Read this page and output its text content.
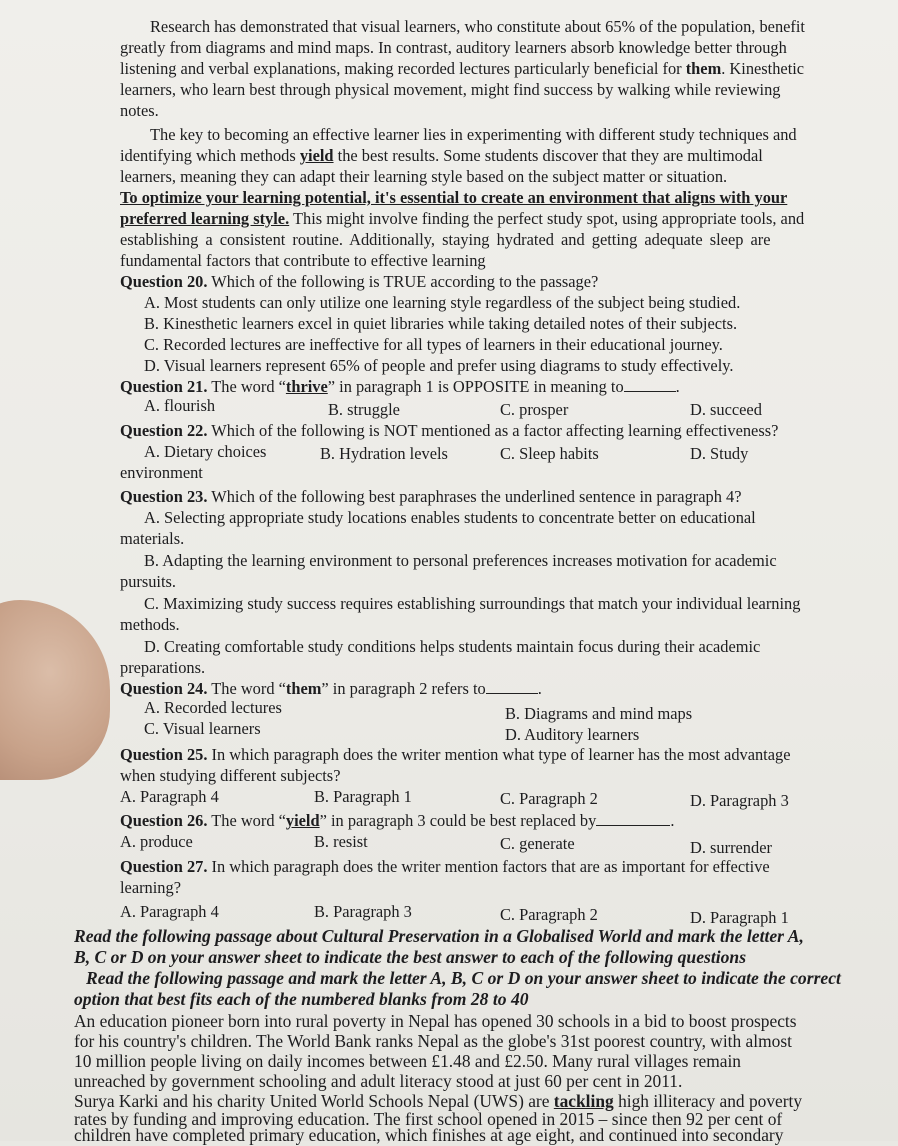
Research has demonstrated that visual learners, who constitute about 65% of the population, benefit
greatly from diagrams and mind maps. In contrast, auditory learners absorb knowledge better through
listening and verbal explanations, making recorded lectures particularly beneficial for them. Kinesthetic
learners, who learn best through physical movement, might find success by walking while reviewing
notes.
The key to becoming an effective learner lies in experimenting with different study techniques and
identifying which methods yield the best results. Some students discover that they are multimodal
learners, meaning they can adapt their learning style based on the subject matter or situation.
To optimize your learning potential, it's essential to create an environment that aligns with your
preferred learning style. This might involve finding the perfect study spot, using appropriate tools, and
establishing a consistent routine. Additionally, staying hydrated and getting adequate sleep are
fundamental factors that contribute to effective learning
Question 20. Which of the following is TRUE according to the passage?
A. Most students can only utilize one learning style regardless of the subject being studied.
B. Kinesthetic learners excel in quiet libraries while taking detailed notes of their subjects.
C. Recorded lectures are ineffective for all types of learners in their educational journey.
D. Visual learners represent 65% of people and prefer using diagrams to study effectively.
Question 21. The word “thrive” in paragraph 1 is OPPOSITE in meaning to	.
A. flourish	B. struggle	C. prosper	D. succeed
Question 22. Which of the following is NOT mentioned as a factor affecting learning effectiveness?
A. Dietary choices	B. Hydration levels	C. Sleep habits	D. Study
environment
Question 23. Which of the following best paraphrases the underlined sentence in paragraph 4?
A. Selecting appropriate study locations enables students to concentrate better on educational
materials.
B. Adapting the learning environment to personal preferences increases motivation for academic
pursuits.
C. Maximizing study success requires establishing surroundings that match your individual learning
methods.
D. Creating comfortable study conditions helps students maintain focus during their academic
preparations.
Question 24. The word “them” in paragraph 2 refers to	.
A. Recorded lectures	B. Diagrams and mind maps
C. Visual learners	D. Auditory learners
Question 25. In which paragraph does the writer mention what type of learner has the most advantage
when studying different subjects?
A. Paragraph 4	B. Paragraph 1	C. Paragraph 2	D. Paragraph 3
Question 26. The word “yield” in paragraph 3 could be best replaced by	.
A. produce	B. resist	C. generate	D. surrender
Question 27. In which paragraph does the writer mention factors that are as important for effective
learning?
A. Paragraph 4	B. Paragraph 3	C. Paragraph 2	D. Paragraph 1
Read the following passage about Cultural Preservation in a Globalised World and mark the letter A,
B, C or D on your answer sheet to indicate the best answer to each of the following questions
Read the following passage and mark the letter A, B, C or D on your answer sheet to indicate the correct
option that best fits each of the numbered blanks from 28 to 40
An education pioneer born into rural poverty in Nepal has opened 30 schools in a bid to boost prospects
for his country's children. The World Bank ranks Nepal as the globe's 31st poorest country, with almost
10 million people living on daily incomes between £1.48 and £2.50. Many rural villages remain
unreached by government schooling and adult literacy stood at just 60 per cent in 2011.
Surya Karki and his charity United World Schools Nepal (UWS) are tackling high illiteracy and poverty
rates by funding and improving education. The first school opened in 2015 – since then 92 per cent of
children have completed primary education, which finishes at age eight, and continued into secondary
